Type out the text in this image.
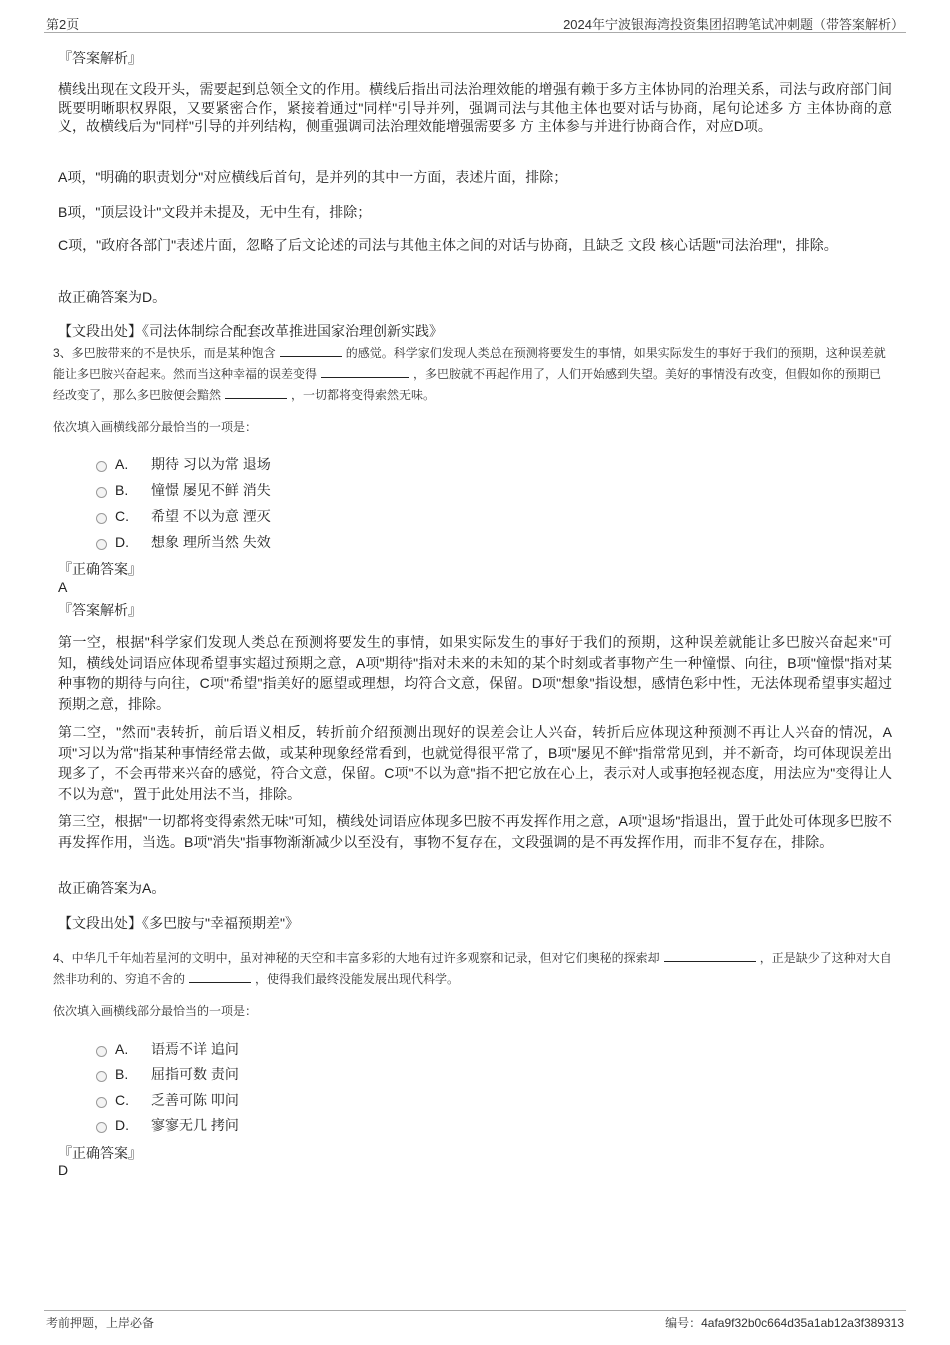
第2页	2024年宁波银海湾投资集团招聘笔试冲刺题（带答案解析）
『答案解析』
横线出现在文段开头，需要起到总领全文的作用。横线后指出司法治理效能的增强有赖于多方主体协同的治理关系，司法与政府部门间既要明晰职权界限，又要紧密合作，紧接着通过"同样"引导并列，强调司法与其他主体也要对话与协商，尾句论述多 方 主体协商的意义，故横线后为"同样"引导的并列结构，侧重强调司法治理效能增强需要多 方 主体参与并进行协商合作，对应D项。
A项，"明确的职责划分"对应横线后首句，是并列的其中一方面，表述片面，排除；
B项，"顶层设计"文段并未提及，无中生有，排除；
C项，"政府各部门"表述片面，忽略了后文论述的司法与其他主体之间的对话与协商，且缺乏 文段 核心话题"司法治理"，排除。
故正确答案为D。
【文段出处】《司法体制综合配套改革推进国家治理创新实践》
3、多巴胺带来的不是快乐，而是某种饱含	的感觉。科学家们发现人类总在预测将要发生的事情，如果实际发生的事好于我们的预期，这种误差就能让多巴胺兴奋起来。然而当这种幸福的误差变得	，多巴胺就不再起作用了，人们开始感到失望。美好的事情没有改变，但假如你的预期已经改变了，那么多巴胺便会黯然	，一切都将变得索然无味。
依次填入画横线部分最恰当的一项是：
A.	期待 习以为常 退场
B.	憧憬 屡见不鲜 消失
C.	希望 不以为意 湮灭
D.	想象 理所当然 失效
『正确答案』
A
『答案解析』
第一空，根据"科学家们发现人类总在预测将要发生的事情，如果实际发生的事好于我们的预期，这种误差就能让多巴胺兴奋起来"可知，横线处词语应体现希望事实超过预期之意，A项"期待"指对未来的未知的某个时刻或者事物产生一种憧憬、向往，B项"憧憬"指对某种事物的期待与向往，C项"希望"指美好的愿望或理想，均符合文意，保留。D项"想象"指设想，感情色彩中性，无法体现希望事实超过预期之意，排除。
第二空，"然而"表转折，前后语义相反，转折前介绍预测出现好的误差会让人兴奋，转折后应体现这种预测不再让人兴奋的情况，A项"习以为常"指某种事情经常去做，或某种现象经常看到，也就觉得很平常了，B项"屡见不鲜"指常常见到，并不新奇，均可体现误差出现多了，不会再带来兴奋的感觉，符合文意，保留。C项"不以为意"指不把它放在心上，表示对人或事抱轻视态度，用法应为"变得让人不以为意"，置于此处用法不当，排除。
第三空，根据"一切都将变得索然无味"可知，横线处词语应体现多巴胺不再发挥作用之意，A项"退场"指退出，置于此处可体现多巴胺不再发挥作用，当选。B项"消失"指事物渐渐减少以至没有，事物不复存在，文段强调的是不再发挥作用，而非不复存在，排除。
故正确答案为A。
【文段出处】《多巴胺与"幸福预期差"》
4、中华几千年灿若星河的文明中，虽对神秘的天空和丰富多彩的大地有过许多观察和记录，但对它们奥秘的探索却	，正是缺少了这种对大自然非功利的、穷追不舍的	，使得我们最终没能发展出现代科学。
依次填入画横线部分最恰当的一项是：
A.	语焉不详 追问
B.	屈指可数 责问
C.	乏善可陈 叩问
D.	寥寥无几 拷问
『正确答案』
D
考前押题，上岸必备	编号：4afa9f32b0c664d35a1ab12a3f389313
